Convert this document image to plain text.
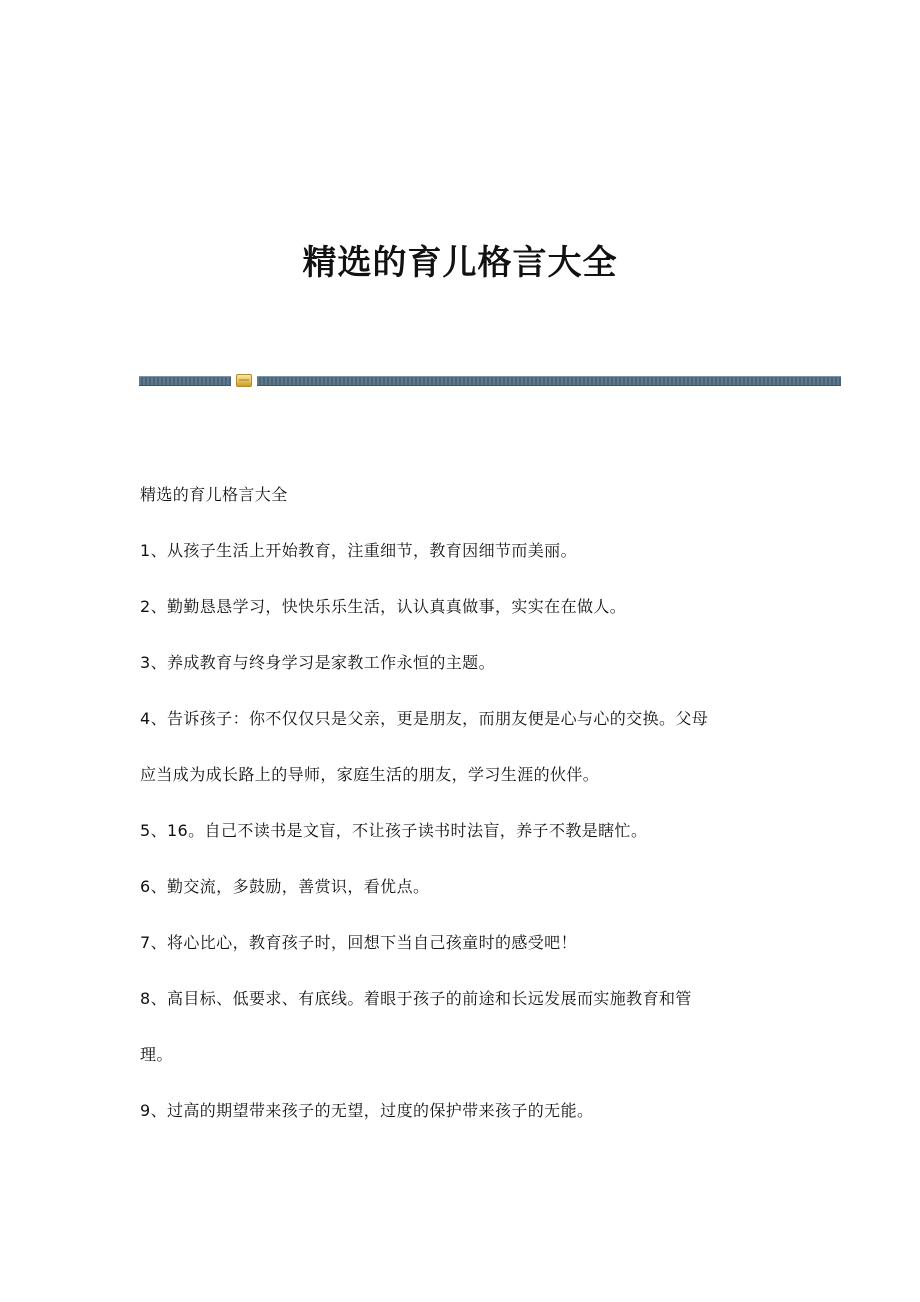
精选的育儿格言大全

精选的育儿格言大全

1、从孩子生活上开始教育，注重细节，教育因细节而美丽。

2、勤勤恳恳学习，快快乐乐生活，认认真真做事，实实在在做人。

3、养成教育与终身学习是家教工作永恒的主题。

4、告诉孩子：你不仅仅只是父亲，更是朋友，而朋友便是心与心的交换。父母

应当成为成长路上的导师，家庭生活的朋友，学习生涯的伙伴。

5、16。自己不读书是文盲，不让孩子读书时法盲，养子不教是瞎忙。

6、勤交流，多鼓励，善赏识，看优点。

7、将心比心，教育孩子时，回想下当自己孩童时的感受吧！

8、高目标、低要求、有底线。着眼于孩子的前途和长远发展而实施教育和管

理。

9、过高的期望带来孩子的无望，过度的保护带来孩子的无能。
